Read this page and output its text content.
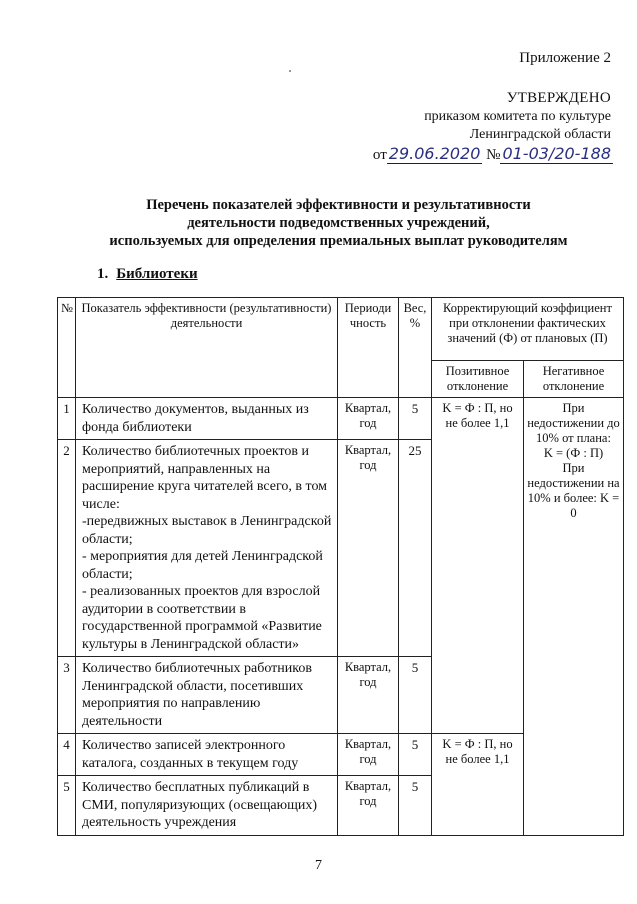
Приложение 2
УТВЕРЖДЕНО
приказом комитета по культуре
Ленинградской области
от 29.06.2020 № 01-03/20-188
Перечень показателей эффективности и результативности
деятельности подведомственных учреждений,
используемых для определения премиальных выплат руководителям
1. Библиотеки
№	Показатель эффективности (результативности) деятельности	Периоди чность	Вес, %	Корректирующий коэффициент при отклонении фактических значений (Ф) от плановых (П)	
				Позитивное отклонение	Негативное отклонение
1	Количество документов, выданных из фонда библиотеки	Квартал, год	5	K = Ф : П, но не более 1,1	При недостижении до 10% от плана:
K = (Ф : П)
При недостижении на 10% и более: K = 0

2	Количество библиотечных проектов и мероприятий, направленных на расширение круга читателей всего, в том числе:
-передвижных выставок в Ленинградской области;
- мероприятия для детей Ленинградской области;
- реализованных проектов для взрослой аудитории в соответствии в государственной программой «Развитие культуры в Ленинградской области»	Квартал, год	25		
3	Количество библиотечных работников Ленинградской области, посетивших мероприятия по направлению деятельности	Квартал, год	5		
4	Количество записей электронного каталога, созданных в текущем году	Квартал, год	5	K = Ф : П, но не более 1,1	
5	Количество бесплатных публикаций в СМИ, популяризующих (освещающих) деятельность учреждения	Квартал, год	5		
7
